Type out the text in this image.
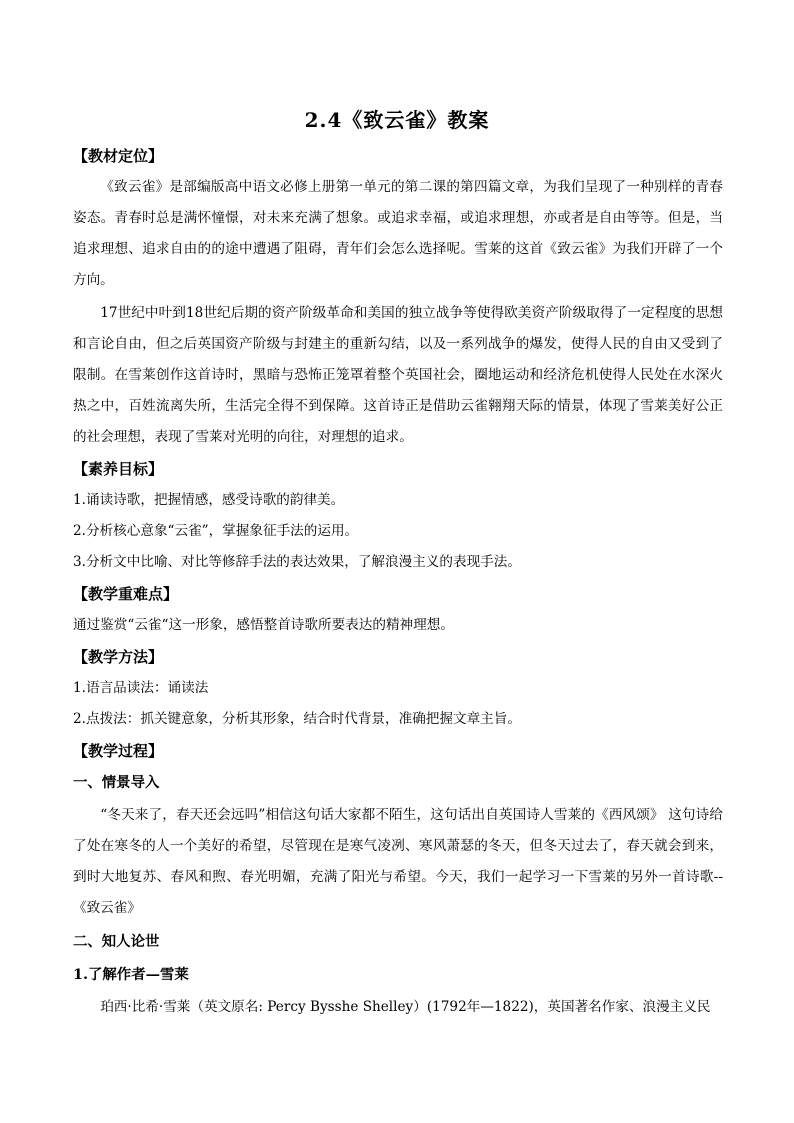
2.4《致云雀》教案

【教材定位】

《致云雀》是部编版高中语文必修上册第一单元的第二课的第四篇文章，为我们呈现了一种别样的青春姿态。青春时总是满怀憧憬，对未来充满了想象。或追求幸福，或追求理想，亦或者是自由等等。但是，当追求理想、追求自由的的途中遭遇了阻碍，青年们会怎么选择呢。雪莱的这首《致云雀》为我们开辟了一个方向。

17世纪中叶到18世纪后期的资产阶级革命和美国的独立战争等使得欧美资产阶级取得了一定程度的思想和言论自由，但之后英国资产阶级与封建主的重新勾结，以及一系列战争的爆发，使得人民的自由又受到了限制。在雪莱创作这首诗时，黑暗与恐怖正笼罩着整个英国社会，圈地运动和经济危机使得人民处在水深火热之中，百姓流离失所，生活完全得不到保障。这首诗正是借助云雀翱翔天际的情景，体现了雪莱美好公正的社会理想，表现了雪莱对光明的向往，对理想的追求。

【素养目标】

1.诵读诗歌，把握情感，感受诗歌的韵律美。

2.分析核心意象“云雀”，掌握象征手法的运用。

3.分析文中比喻、对比等修辞手法的表达效果，了解浪漫主义的表现手法。

【教学重难点】

通过鉴赏“云雀“这一形象，感悟整首诗歌所要表达的精神理想。

【教学方法】

1.语言品读法：诵读法

2.点拨法：抓关键意象，分析其形象，结合时代背景，准确把握文章主旨。

【教学过程】

一、情景导入

“冬天来了，春天还会远吗”相信这句话大家都不陌生，这句话出自英国诗人雪莱的《西风颂》 这句诗给了处在寒冬的人一个美好的希望，尽管现在是寒气凌冽、寒风萧瑟的冬天，但冬天过去了，春天就会到来，到时大地复苏、春风和煦、春光明媚，充满了阳光与希望。今天，我们一起学习一下雪莱的另外一首诗歌--《致云雀》

二、知人论世

1.了解作者—雪莱

珀西·比希·雪莱（英文原名: Percy Bysshe Shelley）(1792年—1822)，英国著名作家、浪漫主义民
